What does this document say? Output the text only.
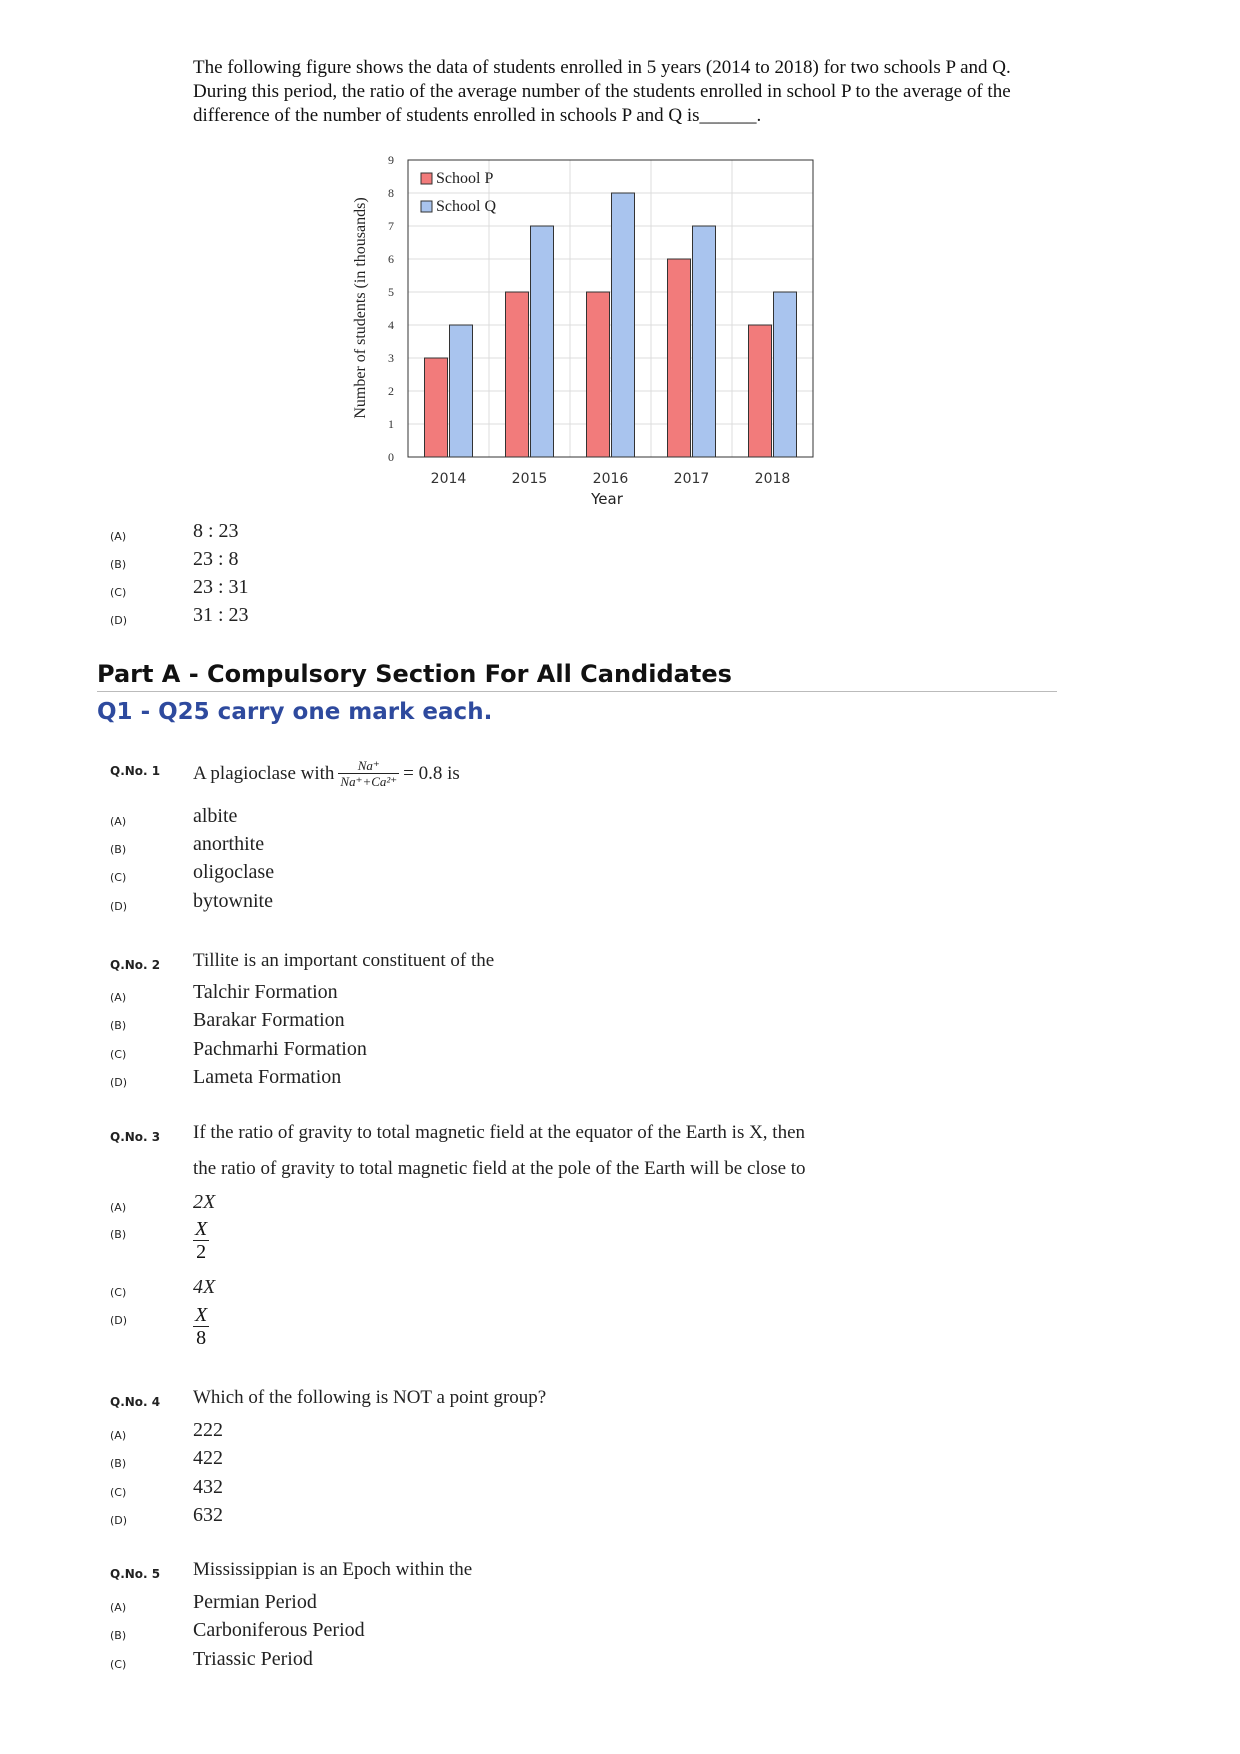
The following figure shows the data of students enrolled in 5 years (2014 to 2018) for two schools P and Q. During this period, the ratio of the average number of the students enrolled in school P to the average of the difference of the number of students enrolled in schools P and Q is______.
0
1
2
3
4
5
6
7
8
9
2014	2015	2016	2017	2018
Number of students (in thousands)
Year
School P
School Q
(A)	8 : 23
(B)	23 : 8
(C)	23 : 31
(D)	31 : 23
Part A - Compulsory Section For All Candidates
Q1 - Q25 carry one mark each.
Q.No. 1 A plagioclase with $\frac{Na^+}{\text{Na⁺+Ca²⁺}} = 0.8$ is
(A)	albite
(B)	anorthite
(C)	oligoclase
(D)	bytownite
Q.No. 2 Tillite is an important constituent of the
(A)	Talchir Formation
(B)	Barakar Formation
(C)	Pachmarhi Formation
(D)	Lameta Formation
Q.No. 3 If the ratio of gravity to total magnetic field at the equator of the Earth is X, then
the ratio of gravity to total magnetic field at the pole of the Earth will be close to
(A)	2X
(B)	$\frac{X}{2}$
(C)	4X
(D)	$\frac{X}{8}$
Q.No. 4 Which of the following is NOT a point group?
(A)	222
(B)	422
(C)	432
(D)	632
Q.No. 5 Mississippian is an Epoch within the
(A)	Permian Period
(B)	Carboniferous Period
(C)	Triassic Period
